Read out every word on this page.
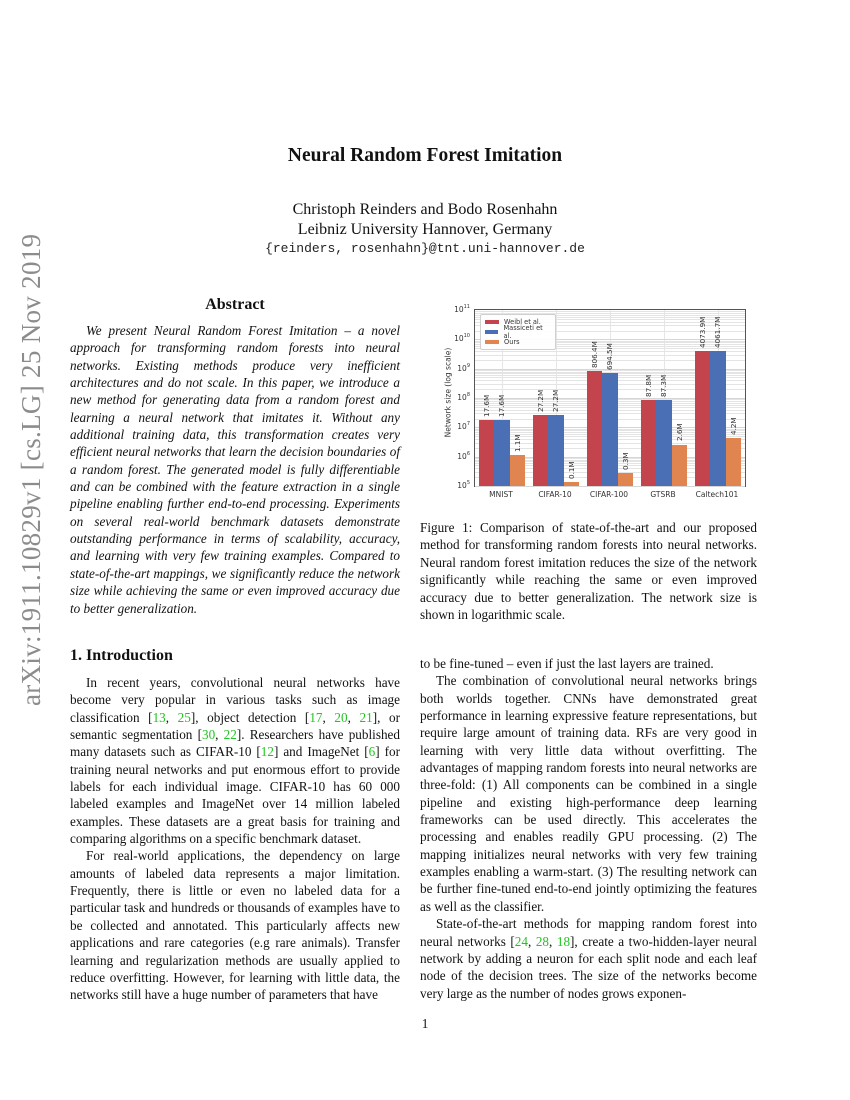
arXiv:1911.10829v1 [cs.LG] 25 Nov 2019
Neural Random Forest Imitation
Christoph Reinders and Bodo Rosenhahn
Leibniz University Hannover, Germany
{reinders, rosenhahn}@tnt.uni-hannover.de
Abstract

We present Neural Random Forest Imitation – a novel approach for transforming random forests into neural networks. Existing methods produce very inefficient architectures and do not scale. In this paper, we introduce a new method for generating data from a random forest and learning a neural network that imitates it. Without any additional training data, this transformation creates very efficient neural networks that learn the decision boundaries of a random forest. The generated model is fully differentiable and can be combined with the feature extraction in a single pipeline enabling further end-to-end processing. Experiments on several real-world benchmark datasets demonstrate outstanding performance in terms of scalability, accuracy, and learning with very few training examples. Compared to state-of-the-art mappings, we significantly reduce the network size while achieving the same or even improved accuracy due to better generalization.

Network size (log scale)
$10^5$
$10^6$
$10^7$
$10^8$
$10^9$
$10^{10}$
$10^{11}$
17.6M 17.6M
1.1M
27.2M 27.2M
0.1M
806.4M 694.5M
0.3M
87.8M 87.3M
2.6M
4073.9M 4061.7M
4.2M
Weibl et al.
Massiceti et al.
Ours
MNIST	CIFAR-10	CIFAR-100	GTSRB	Caltech101
Figure 1: Comparison of state-of-the-art and our proposed method for transforming random forests into neural networks. Neural random forest imitation reduces the size of the network significantly while reaching the same or even improved accuracy due to better generalization. The network size is shown in logarithmic scale.
1. Introduction

In recent years, convolutional neural networks have become very popular in various tasks such as image classification [13, 25], object detection [17, 20, 21], or semantic segmentation [30, 22]. Researchers have published many datasets such as CIFAR-10 [12] and ImageNet [6] for training neural networks and put enormous effort to provide labels for each individual image. CIFAR-10 has 60 000 labeled examples and ImageNet over 14 million labeled examples. These datasets are a great basis for training and comparing algorithms on a specific benchmark dataset.

For real-world applications, the dependency on large amounts of labeled data represents a major limitation. Frequently, there is little or even no labeled data for a particular task and hundreds or thousands of examples have to be collected and annotated. This particularly affects new applications and rare categories (e.g rare animals). Transfer learning and regularization methods are usually applied to reduce overfitting. However, for learning with little data, the networks still have a huge number of parameters that have

to be fine-tuned – even if just the last layers are trained.

The combination of convolutional neural networks brings both worlds together. CNNs have demonstrated great performance in learning expressive feature representations, but require large amount of training data. RFs are very good in learning with very little data without overfitting. The advantages of mapping random forests into neural networks are three-fold: (1) All components can be combined in a single pipeline and existing high-performance deep learning frameworks can be used directly. This accelerates the processing and enables readily GPU processing. (2) The mapping initializes neural networks with very few training examples enabling a warm-start. (3) The resulting network can be further fine-tuned end-to-end jointly optimizing the features as well as the classifier.

State-of-the-art methods for mapping random forest into neural networks [24, 28, 18], create a two-hidden-layer neural network by adding a neuron for each split node and each leaf node of the decision trees. The size of the networks become very large as the number of nodes grows exponen-

1
